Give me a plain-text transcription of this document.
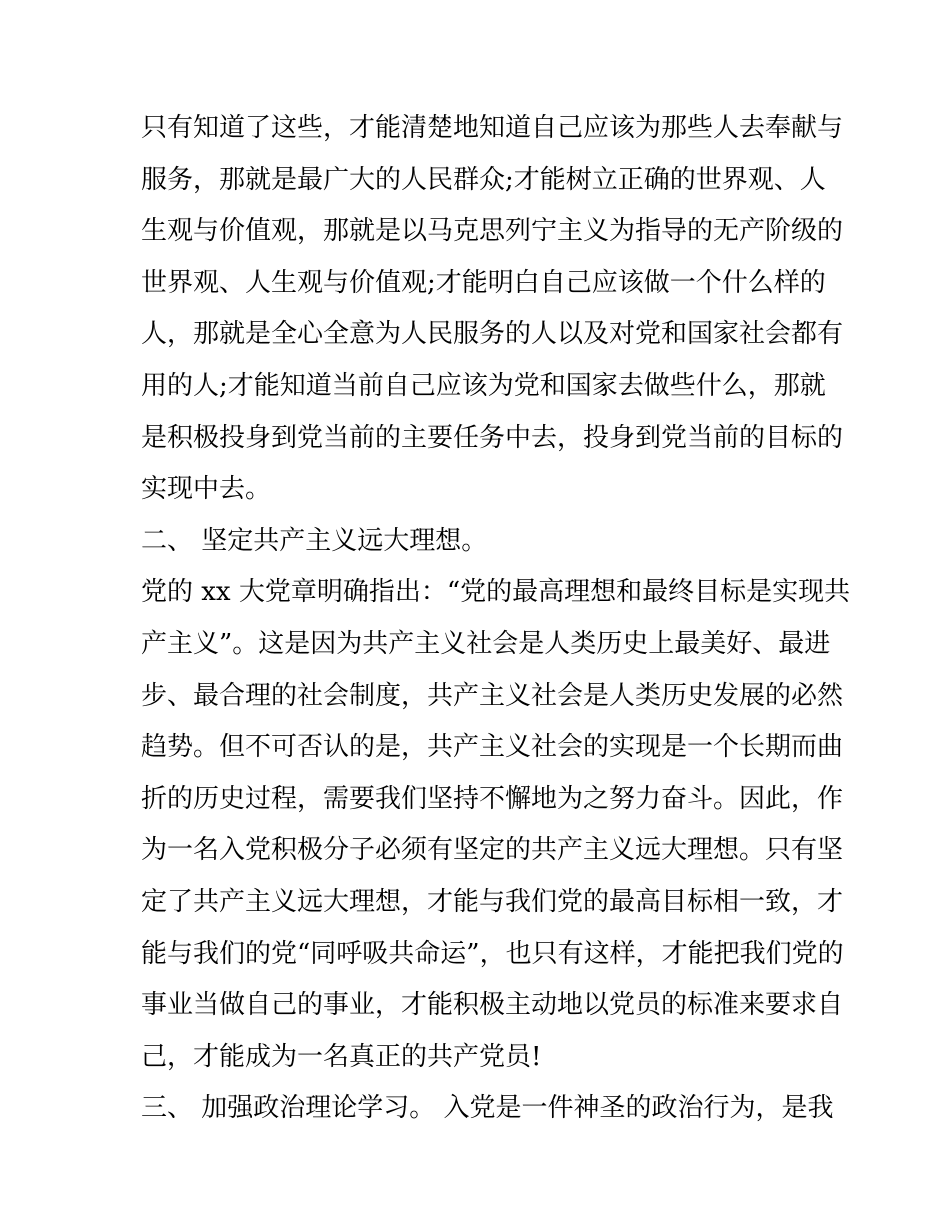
只有知道了这些，才能清楚地知道自己应该为那些人去奉献与
服务，那就是最广大的人民群众;才能树立正确的世界观、人
生观与价值观，那就是以马克思列宁主义为指导的无产阶级的
世界观、人生观与价值观;才能明白自己应该做一个什么样的
人，那就是全心全意为人民服务的人以及对党和国家社会都有
用的人;才能知道当前自己应该为党和国家去做些什么，那就
是积极投身到党当前的主要任务中去，投身到党当前的目标的
实现中去。
二、 坚定共产主义远大理想。
党的 xx 大党章明确指出：“党的最高理想和最终目标是实现共
产主义”。这是因为共产主义社会是人类历史上最美好、最进
步、最合理的社会制度，共产主义社会是人类历史发展的必然
趋势。但不可否认的是，共产主义社会的实现是一个长期而曲
折的历史过程，需要我们坚持不懈地为之努力奋斗。因此，作
为一名入党积极分子必须有坚定的共产主义远大理想。只有坚
定了共产主义远大理想，才能与我们党的最高目标相一致，才
能与我们的党“同呼吸共命运”，也只有这样，才能把我们党的
事业当做自己的事业，才能积极主动地以党员的标准来要求自
己，才能成为一名真正的共产党员!
三、 加强政治理论学习。 入党是一件神圣的政治行为，是我
